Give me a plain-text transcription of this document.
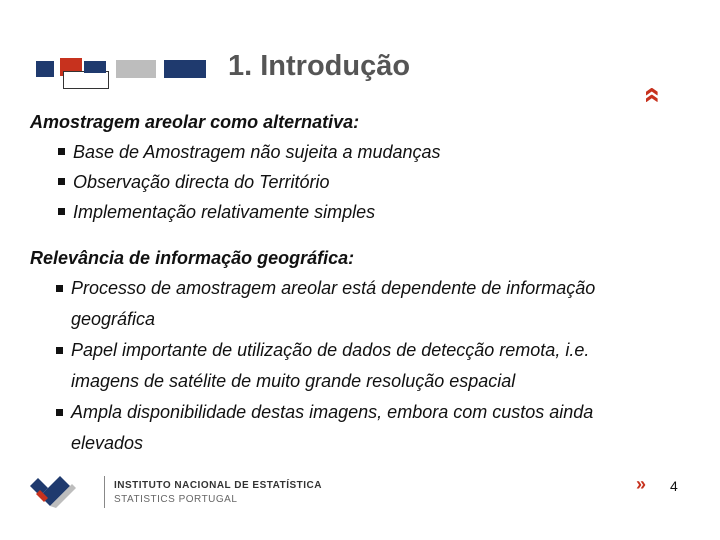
1. Introdução
«
Amostragem areolar como alternativa:
Base de Amostragem não sujeita a mudanças
Observação directa do Território
Implementação relativamente simples
Relevância de informação geográfica:
Processo de amostragem areolar está dependente de informação geográfica
Papel importante de utilização de dados de detecção remota, i.e. imagens de satélite de muito grande resolução espacial
Ampla disponibilidade destas imagens, embora com custos ainda elevados
INSTITUTO NACIONAL DE ESTATÍSTICA
STATISTICS PORTUGAL
» 4
